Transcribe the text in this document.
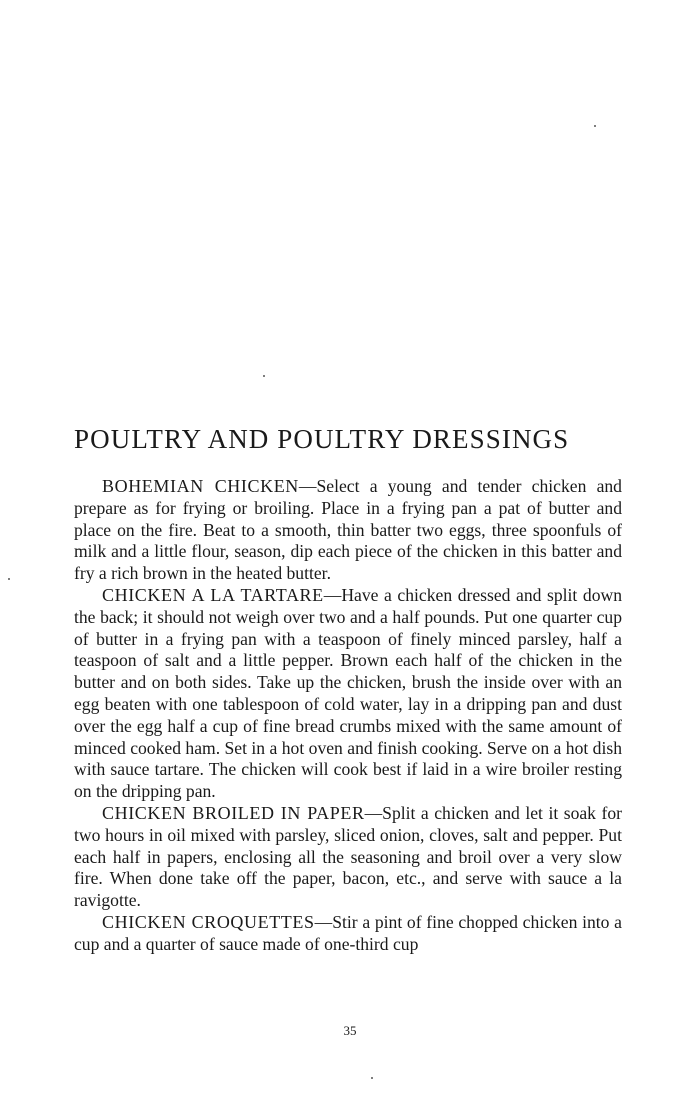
POULTRY AND POULTRY DRESSINGS

BOHEMIAN CHICKEN—Select a young and tender chicken and prepare as for frying or broiling. Place in a frying pan a pat of butter and place on the fire. Beat to a smooth, thin batter two eggs, three spoonfuls of milk and a little flour, season, dip each piece of the chicken in this batter and fry a rich brown in the heated butter.

CHICKEN A LA TARTARE—Have a chicken dressed and split down the back; it should not weigh over two and a half pounds. Put one quarter cup of butter in a frying pan with a teaspoon of finely minced parsley, half a teaspoon of salt and a little pepper. Brown each half of the chicken in the butter and on both sides. Take up the chicken, brush the inside over with an egg beaten with one tablespoon of cold water, lay in a dripping pan and dust over the egg half a cup of fine bread crumbs mixed with the same amount of minced cooked ham. Set in a hot oven and finish cooking. Serve on a hot dish with sauce tartare. The chicken will cook best if laid in a wire broiler resting on the dripping pan.

CHICKEN BROILED IN PAPER—Split a chicken and let it soak for two hours in oil mixed with parsley, sliced onion, cloves, salt and pepper. Put each half in papers, enclosing all the seasoning and broil over a very slow fire. When done take off the paper, bacon, etc., and serve with sauce a la ravigotte.

CHICKEN CROQUETTES—Stir a pint of fine chopped chicken into a cup and a quarter of sauce made of one-third cup

35
